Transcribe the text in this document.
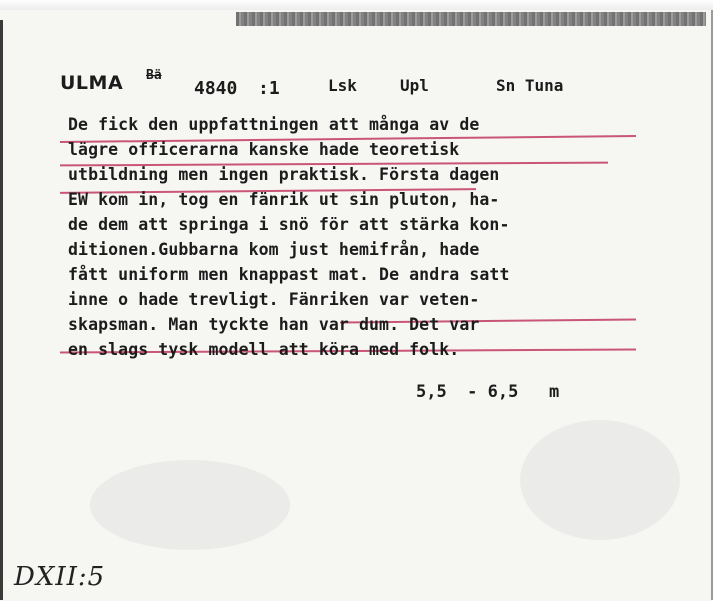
ULMA Bä
4840 :1	Lsk	Upl	Sn Tuna
De fick den uppfattningen att många av de
lägre officerarna kanske hade teoretisk
utbildning men ingen praktisk. Första dagen
EW kom in, tog en fänrik ut sin pluton, ha-
de dem att springa i snö för att stärka kon-
ditionen.Gubbarna kom just hemifrån, hade
fått uniform men knappast mat. De andra satt
inne o hade trevligt. Fänriken var veten-
skapsman. Man tyckte han var dum. Det var
en slags tysk modell att köra med folk.
5,5  - 6,5   m
DXII:5
